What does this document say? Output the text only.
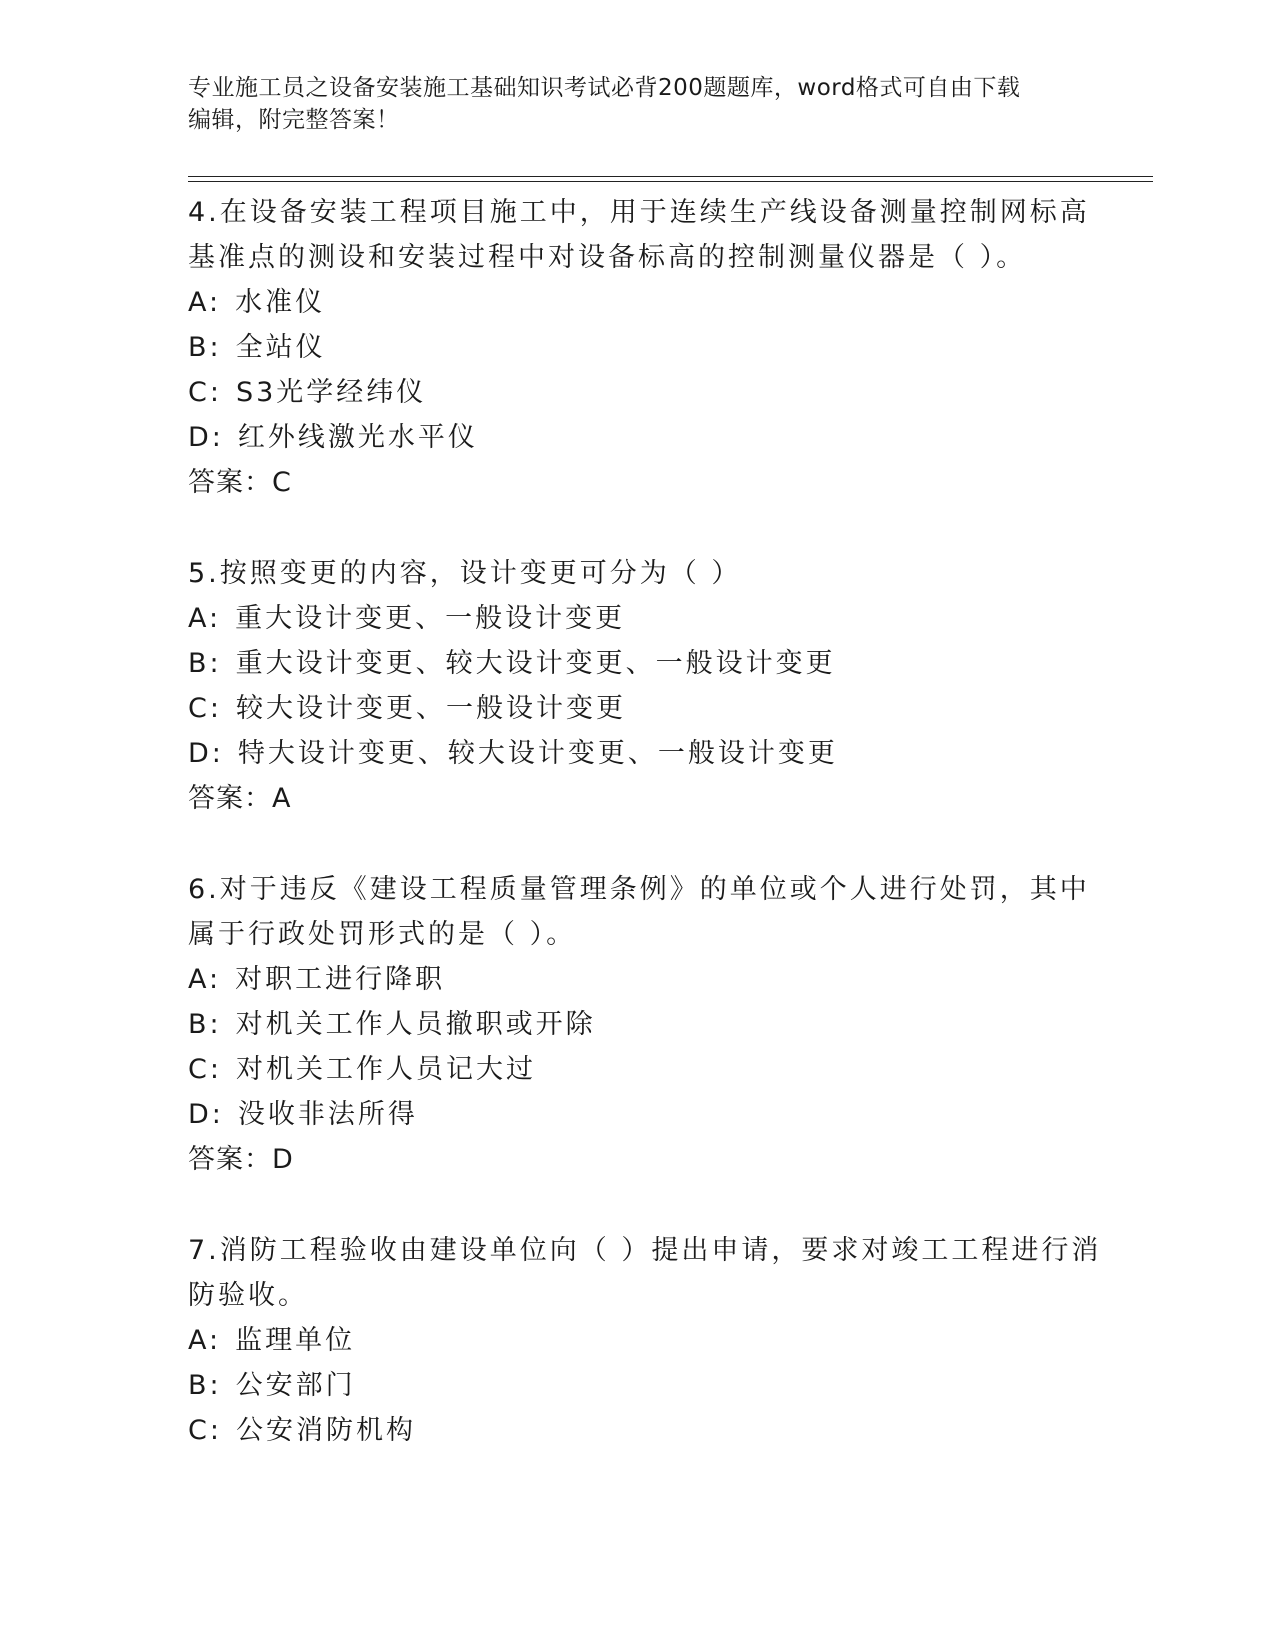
专业施工员之设备安装施工基础知识考试必背200题题库，word格式可自由下载
编辑，附完整答案！
4.在设备安装工程项目施工中，用于连续生产线设备测量控制网标高
基准点的测设和安装过程中对设备标高的控制测量仪器是（ ）。
A: 水准仪
B: 全站仪
C: S3光学经纬仪
D: 红外线激光水平仪
答案：C
5.按照变更的内容，设计变更可分为（ ）
A: 重大设计变更、一般设计变更
B: 重大设计变更、较大设计变更、一般设计变更
C: 较大设计变更、一般设计变更
D: 特大设计变更、较大设计变更、一般设计变更
答案：A
6.对于违反《建设工程质量管理条例》的单位或个人进行处罚，其中
属于行政处罚形式的是（ ）。
A: 对职工进行降职
B: 对机关工作人员撤职或开除
C: 对机关工作人员记大过
D: 没收非法所得
答案：D
7.消防工程验收由建设单位向（ ）提出申请，要求对竣工工程进行消
防验收。
A: 监理单位
B: 公安部门
C: 公安消防机构
